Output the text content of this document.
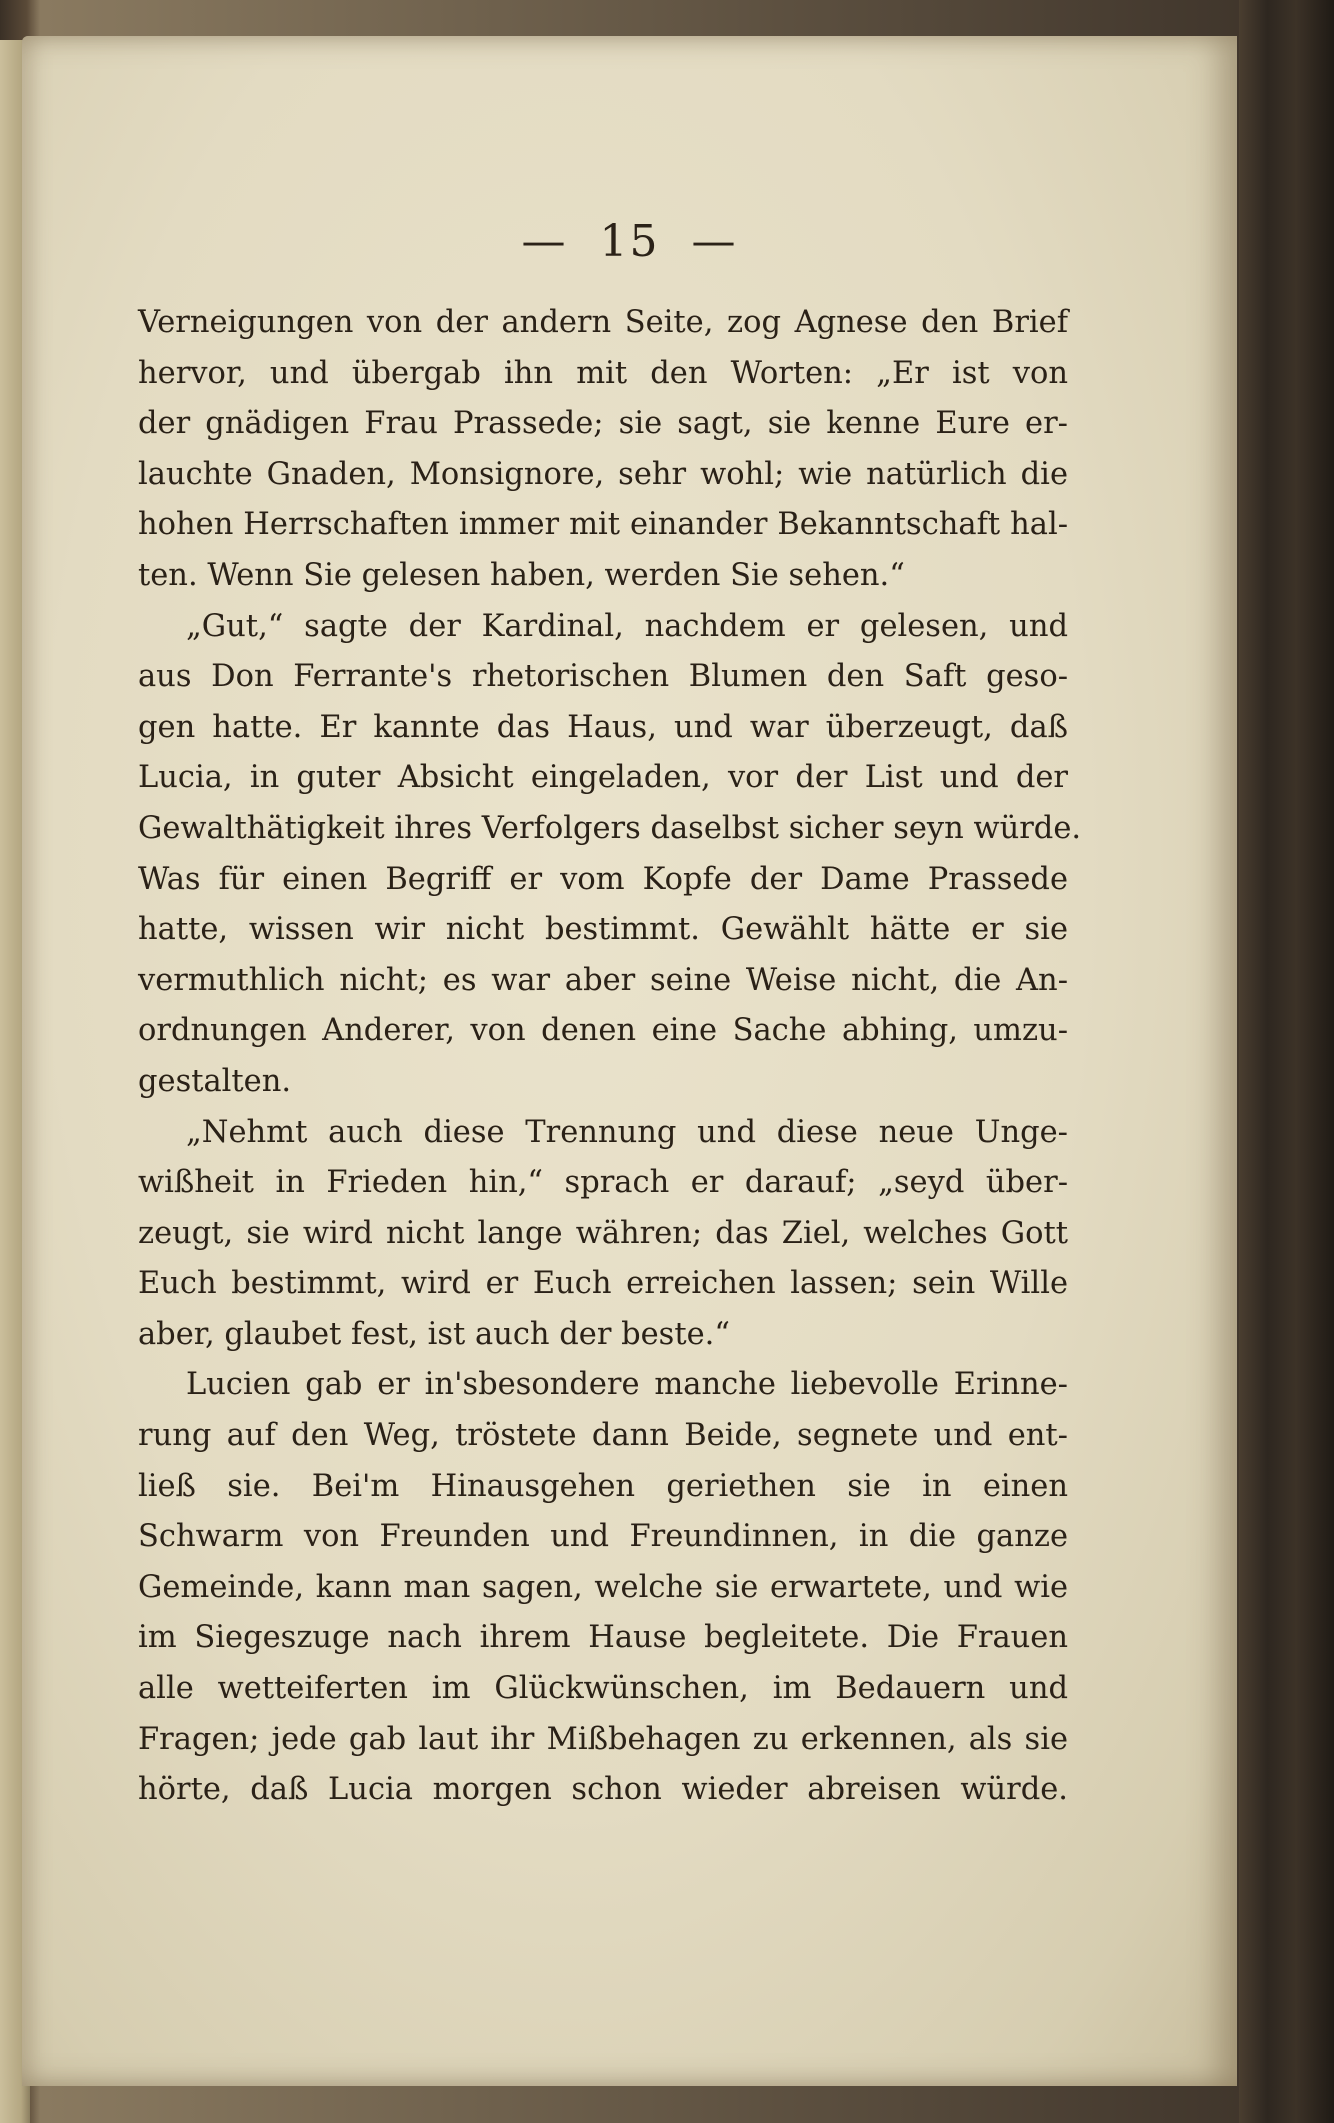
— 15 —
Verneigungen von der andern Seite, zog Agnese den Brief
hervor, und übergab ihn mit den Worten: „Er ist von
der gnädigen Frau Prassede; sie sagt, sie kenne Eure er-
lauchte Gnaden, Monsignore, sehr wohl; wie natürlich die
hohen Herrschaften immer mit einander Bekanntschaft hal-
ten. Wenn Sie gelesen haben, werden Sie sehen.“
„Gut,“ sagte der Kardinal, nachdem er gelesen, und
aus Don Ferrante's rhetorischen Blumen den Saft geso-
gen hatte. Er kannte das Haus, und war überzeugt, daß
Lucia, in guter Absicht eingeladen, vor der List und der
Gewalthätigkeit ihres Verfolgers daselbst sicher seyn würde.
Was für einen Begriff er vom Kopfe der Dame Prassede
hatte, wissen wir nicht bestimmt. Gewählt hätte er sie
vermuthlich nicht; es war aber seine Weise nicht, die An-
ordnungen Anderer, von denen eine Sache abhing, umzu-
gestalten.
„Nehmt auch diese Trennung und diese neue Unge-
wißheit in Frieden hin,“ sprach er darauf; „seyd über-
zeugt, sie wird nicht lange währen; das Ziel, welches Gott
Euch bestimmt, wird er Euch erreichen lassen; sein Wille
aber, glaubet fest, ist auch der beste.“
Lucien gab er in'sbesondere manche liebevolle Erinne-
rung auf den Weg, tröstete dann Beide, segnete und ent-
ließ sie. Bei'm Hinausgehen geriethen sie in einen
Schwarm von Freunden und Freundinnen, in die ganze
Gemeinde, kann man sagen, welche sie erwartete, und wie
im Siegeszuge nach ihrem Hause begleitete. Die Frauen
alle wetteiferten im Glückwünschen, im Bedauern und
Fragen; jede gab laut ihr Mißbehagen zu erkennen, als sie
hörte, daß Lucia morgen schon wieder abreisen würde.
